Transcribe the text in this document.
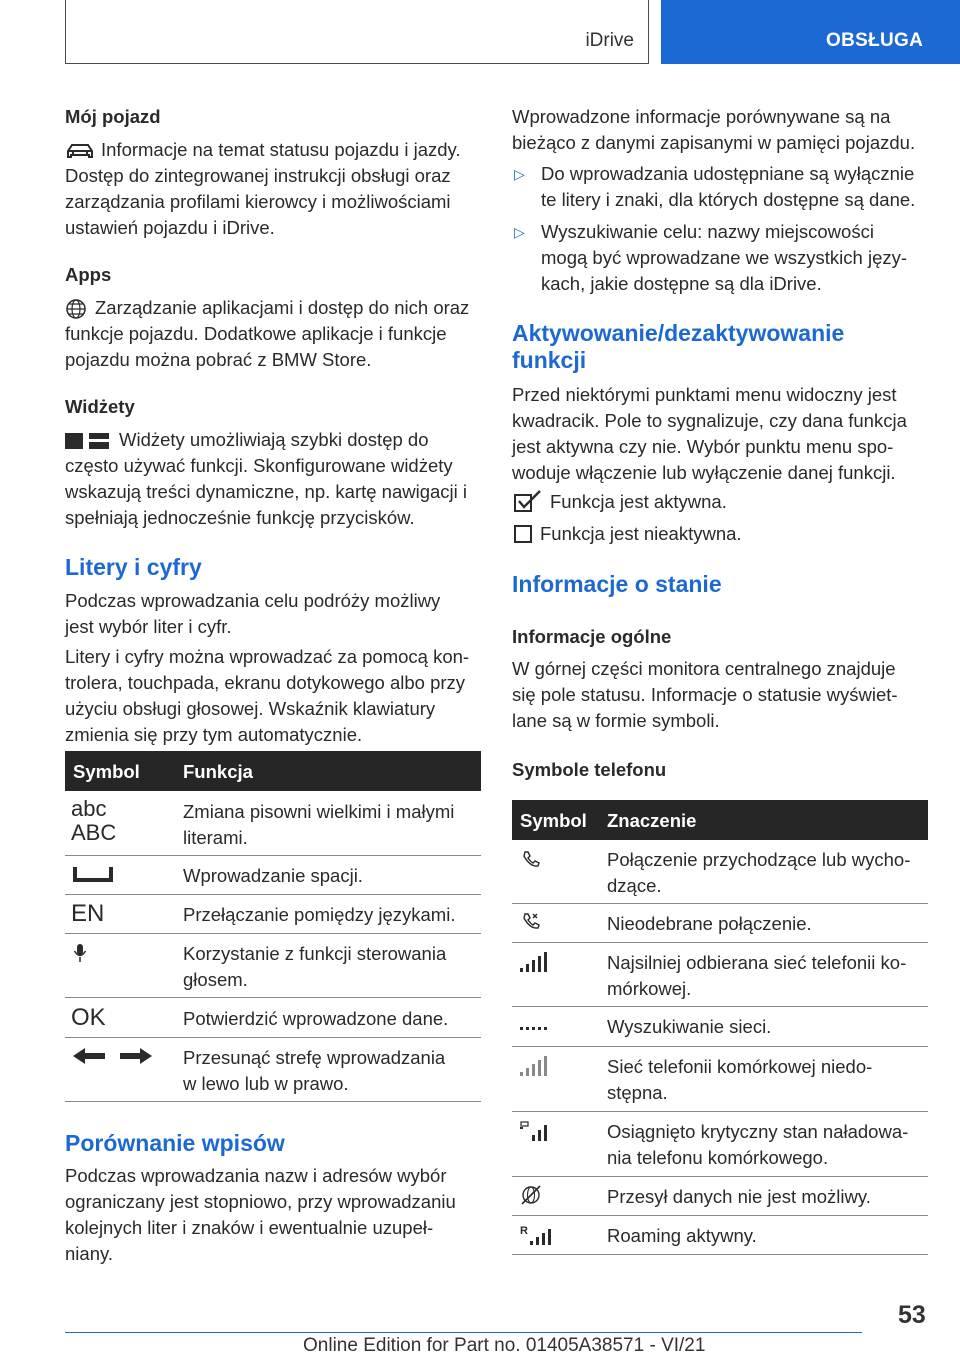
iDrive	OBSŁUGA
Mój pojazd
Informacje na temat statusu pojazdu i jazdy.
Dostęp do zintegrowanej instrukcji obsługi oraz
zarządzania profilami kierowcy i możliwościami
ustawień pojazdu i iDrive.
Apps
Zarządzanie aplikacjami i dostęp do nich oraz
funkcje pojazdu. Dodatkowe aplikacje i funkcje
pojazdu można pobrać z BMW Store.
Widżety
Widżety umożliwiają szybki dostęp do
często używać funkcji. Skonfigurowane widżety
wskazują treści dynamiczne, np. kartę nawigacji i
spełniają jednocześnie funkcję przycisków.
Litery i cyfry
Podczas wprowadzania celu podróży możliwy
jest wybór liter i cyfr.
Litery i cyfry można wprowadzać za pomocą kon-
trolera, touchpada, ekranu dotykowego albo przy
użyciu obsługi głosowej. Wskaźnik klawiatury
zmienia się przy tym automatycznie.
Symbol Funkcja
abc
ABC
Zmiana pisowni wielkimi i małymi
literami.
Wprowadzanie spacji.
EN	Przełączanie pomiędzy językami.
Korzystanie z funkcji sterowania
głosem.
OK	Potwierdzić wprowadzone dane.
Przesunąć strefę wprowadzania
w lewo lub w prawo.
Porównanie wpisów
Podczas wprowadzania nazw i adresów wybór
ograniczany jest stopniowo, przy wprowadzaniu
kolejnych liter i znaków i ewentualnie uzupeł-
niany.
Wprowadzone informacje porównywane są na
bieżąco z danymi zapisanymi w pamięci pojazdu.
▷ Do wprowadzania udostępniane są wyłącznie
te litery i znaki, dla których dostępne są dane.
▷ Wyszukiwanie celu: nazwy miejscowości
mogą być wprowadzane we wszystkich języ-
kach, jakie dostępne są dla iDrive.
Aktywowanie/dezaktywowanie
funkcji
Przed niektórymi punktami menu widoczny jest
kwadracik. Pole to sygnalizuje, czy dana funkcja
jest aktywna czy nie. Wybór punktu menu spo-
woduje włączenie lub wyłączenie danej funkcji.
Funkcja jest aktywna.
Funkcja jest nieaktywna.
Informacje o stanie
Informacje ogólne
W górnej części monitora centralnego znajduje
się pole statusu. Informacje o statusie wyświet-
lane są w formie symboli.
Symbole telefonu
Symbol Znaczenie
Połączenie przychodzące lub wycho-
dzące.
Nieodebrane połączenie.
Najsilniej odbierana sieć telefonii ko-
mórkowej.
Wyszukiwanie sieci.
Sieć telefonii komórkowej niedo-
stępna.
Osiągnięto krytyczny stan naładowa-
nia telefonu komórkowego.
Przesył danych nie jest możliwy.
R	Roaming aktywny.
53
Online Edition for Part no. 01405A38571 - VI/21
